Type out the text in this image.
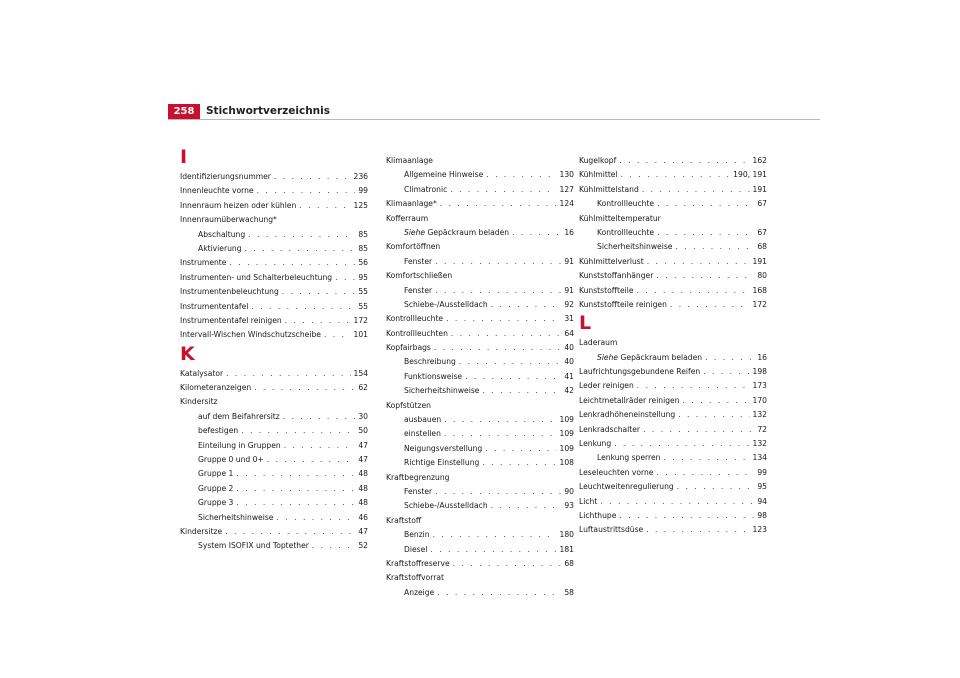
258	Stichwortverzeichnis
I
Identifizierungsnummer . . .	236
Innenleuchte vorne . . .	99
Innenraum heizen oder kühlen . . .	125
Innenraumüberwachung*
Abschaltung . . .	85
Aktivierung . . .	85
Instrumente . . .	56
Instrumenten- und Schalterbeleuchtung . . .	95
Instrumentenbeleuchtung . . .	55
Instrumententafel . . .	55
Instrumententafel reinigen . . .	172
Intervall-Wischen Windschutzscheibe . . .	101
K
Katalysator . . .	154
Kilometeranzeigen . . .	62
Kindersitz
auf dem Beifahrersitz . . .	30
befestigen . . .	50
Einteilung in Gruppen . . .	47
Gruppe 0 und 0+ . . .	47
Gruppe 1 . . .	48
Gruppe 2 . . .	48
Gruppe 3 . . .	48
Sicherheitshinweise . . .	46
Kindersitze . . .	47
System ISOFIX und Toptether . . .	52
Klimaanlage
Allgemeine Hinweise . . .	130
Climatronic . . .	127
Klimaanlage* . . .	124
Kofferraum
Siehe Gepäckraum beladen . . .	16
Komfortöffnen
Fenster . . .	91
Komfortschließen
Fenster . . .	91
Schiebe-/Ausstelldach . . .	92
Kontrollleuchte . . .	31
Kontrollleuchten . . .	64
Kopfairbags . . .	40
Beschreibung . . .	40
Funktionsweise . . .	41
Sicherheitshinweise . . .	42
Kopfstützen
ausbauen . . .	109
einstellen . . .	109
Neigungsverstellung . . .	109
Richtige Einstellung . . .	108
Kraftbegrenzung
Fenster . . .	90
Schiebe-/Ausstelldach . . .	93
Kraftstoff
Benzin . . .	180
Diesel . . .	181
Kraftstoffreserve . . .	68
Kraftstoffvorrat
Anzeige . . .	58
Kugelkopf . . .	162
Kühlmittel . . .	190, 191
Kühlmittelstand . . .	191
Kontrollleuchte . . .	67
Kühlmitteltemperatur
Kontrollleuchte . . .	67
Sicherheitshinweise . . .	68
Kühlmittelverlust . . .	191
Kunststoffanhänger . . .	80
Kunststoffteile . . .	168
Kunststoffteile reinigen . . .	172
L
Laderaum
Siehe Gepäckraum beladen . . .	16
Laufrichtungsgebundene Reifen . . .	198
Leder reinigen . . .	173
Leichtmetallräder reinigen . . .	170
Lenkradhöheneinstellung . . .	132
Lenkradschalter . . .	72
Lenkung . . .	132
Lenkung sperren . . .	134
Leseleuchten vorne . . .	99
Leuchtweitenregulierung . . .	95
Licht . . .	94
Lichthupe . . .	98
Luftaustrittsdüse . . .	123
